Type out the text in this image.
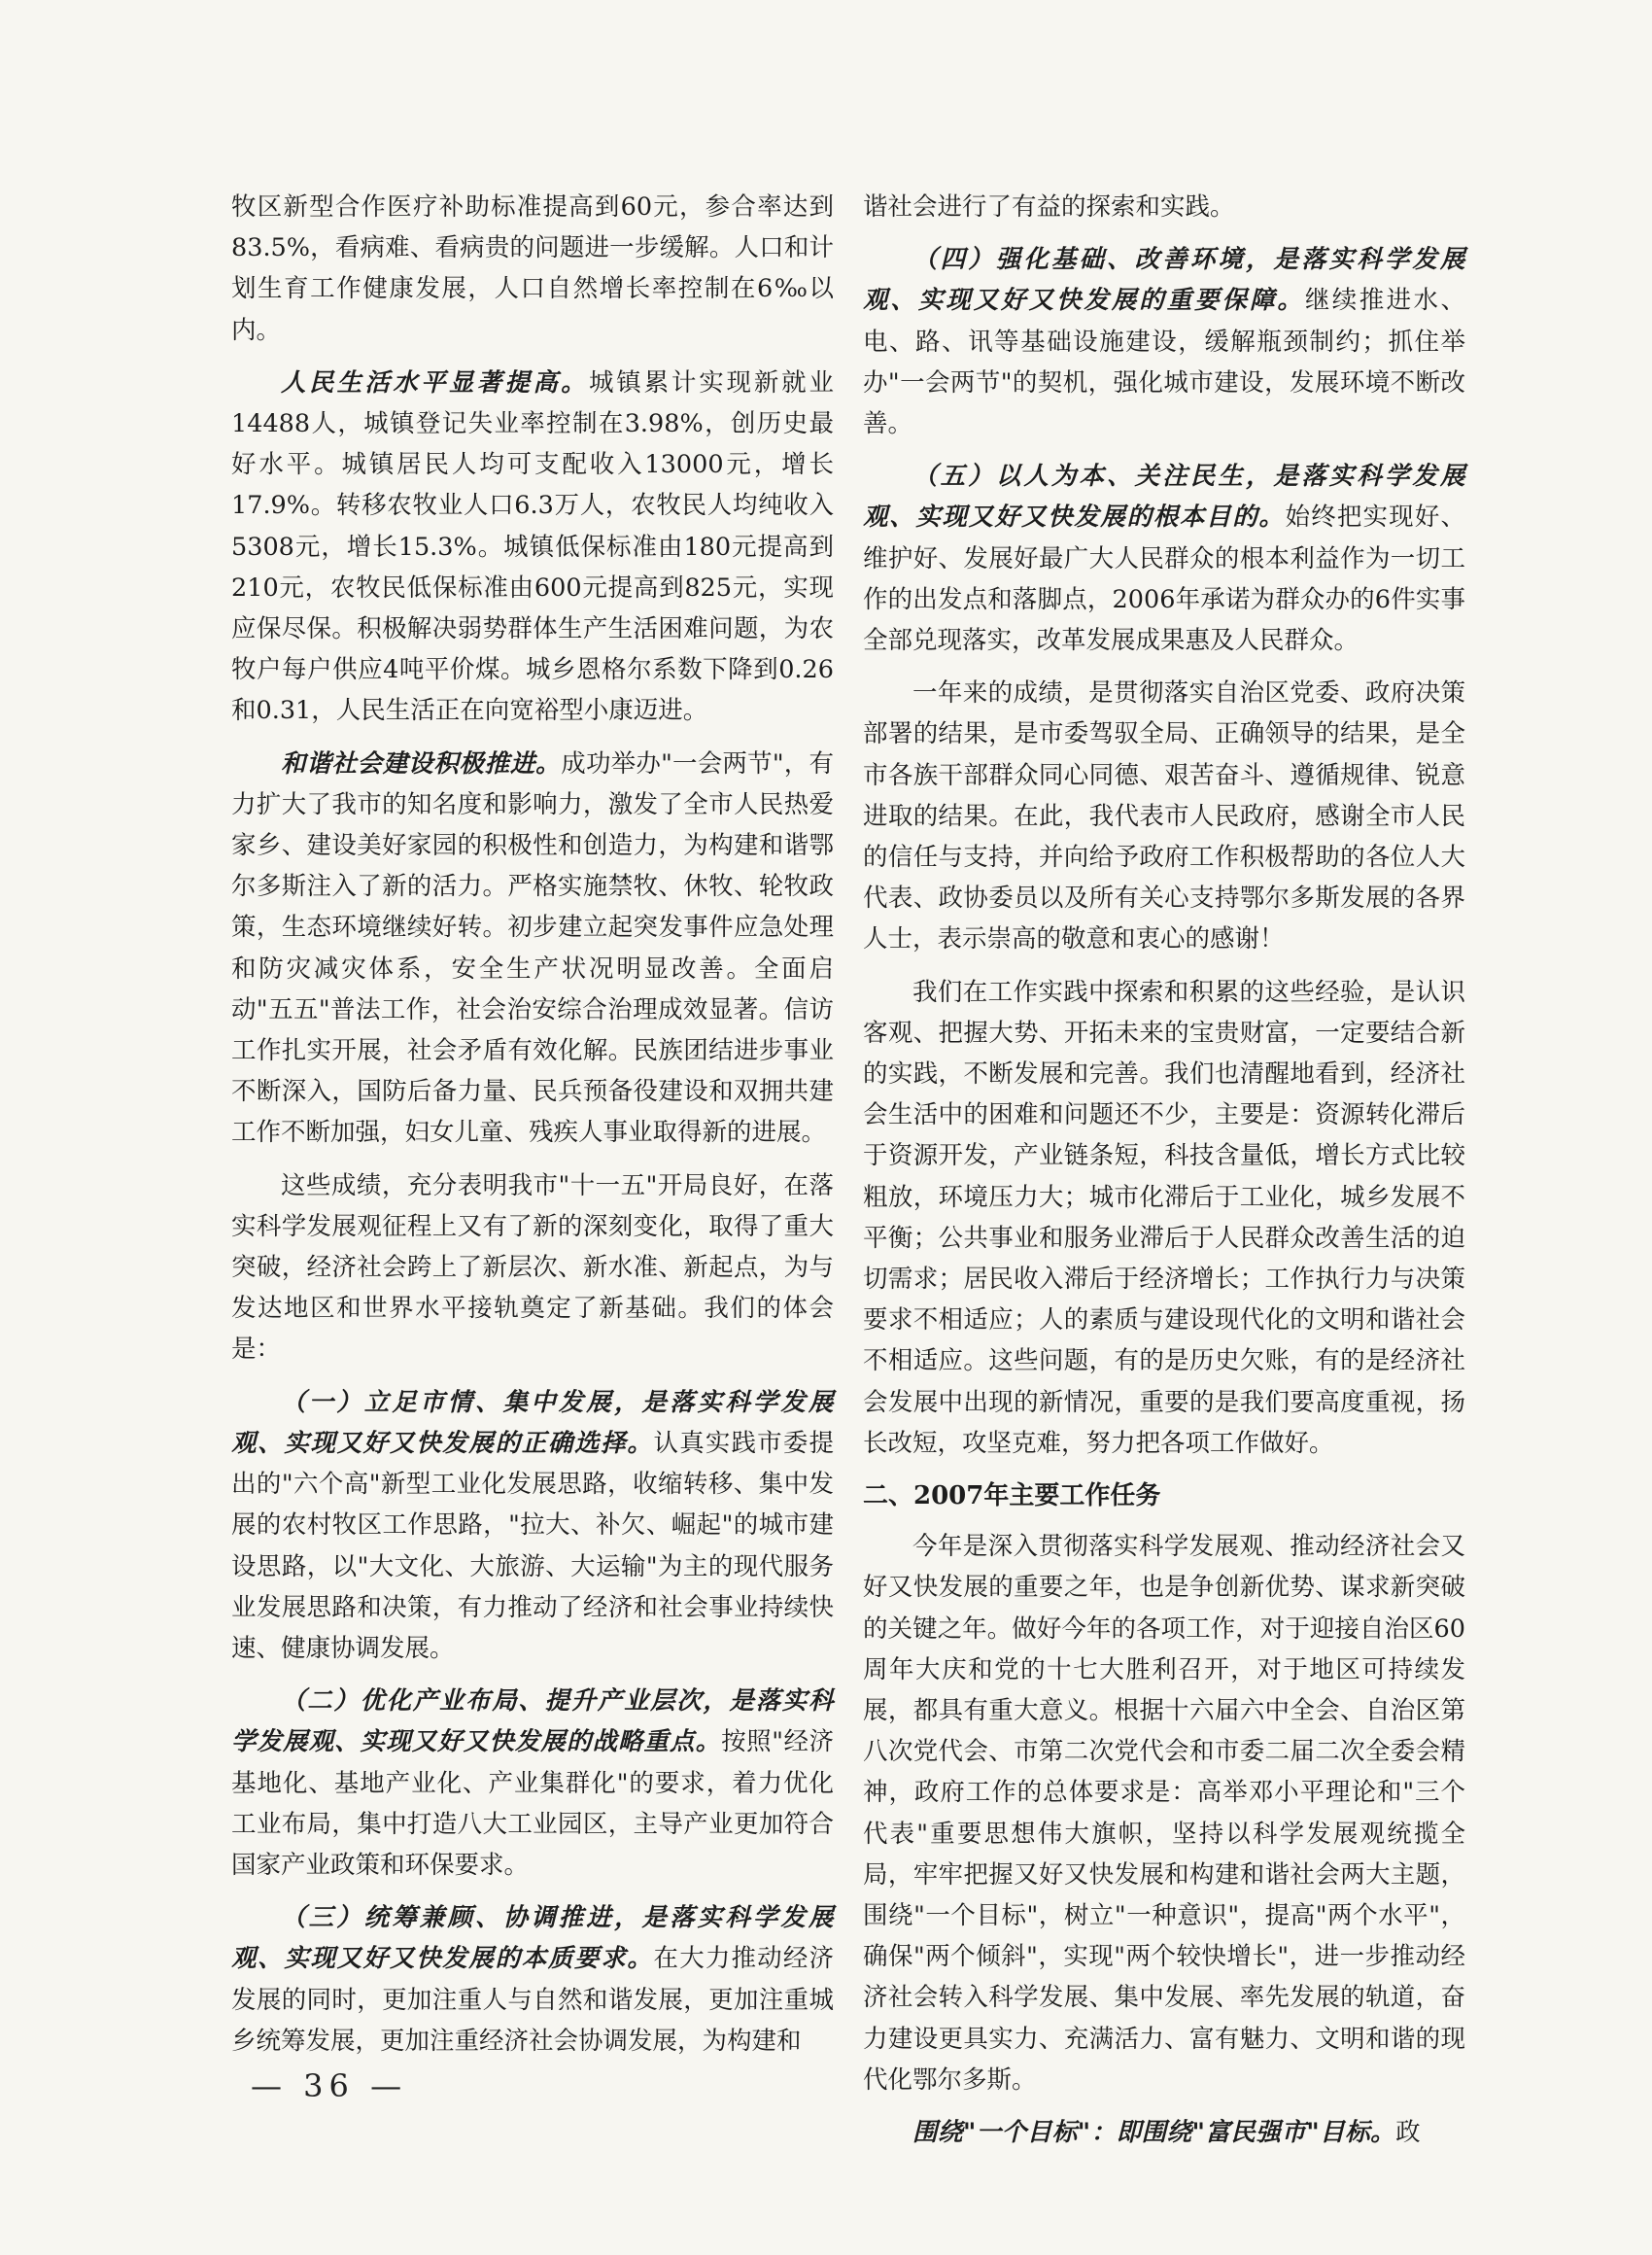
牧区新型合作医疗补助标准提高到60元，参合率达到83.5%，看病难、看病贵的问题进一步缓解。人口和计划生育工作健康发展，人口自然增长率控制在6‰以内。

人民生活水平显著提高。城镇累计实现新就业14488人，城镇登记失业率控制在3.98%，创历史最好水平。城镇居民人均可支配收入13000元，增长17.9%。转移农牧业人口6.3万人，农牧民人均纯收入5308元，增长15.3%。城镇低保标准由180元提高到210元，农牧民低保标准由600元提高到825元，实现应保尽保。积极解决弱势群体生产生活困难问题，为农牧户每户供应4吨平价煤。城乡恩格尔系数下降到0.26和0.31，人民生活正在向宽裕型小康迈进。

和谐社会建设积极推进。成功举办"一会两节"，有力扩大了我市的知名度和影响力，激发了全市人民热爱家乡、建设美好家园的积极性和创造力，为构建和谐鄂尔多斯注入了新的活力。严格实施禁牧、休牧、轮牧政策，生态环境继续好转。初步建立起突发事件应急处理和防灾减灾体系，安全生产状况明显改善。全面启动"五五"普法工作，社会治安综合治理成效显著。信访工作扎实开展，社会矛盾有效化解。民族团结进步事业不断深入，国防后备力量、民兵预备役建设和双拥共建工作不断加强，妇女儿童、残疾人事业取得新的进展。

这些成绩，充分表明我市"十一五"开局良好，在落实科学发展观征程上又有了新的深刻变化，取得了重大突破，经济社会跨上了新层次、新水准、新起点，为与发达地区和世界水平接轨奠定了新基础。我们的体会是：

（一）立足市情、集中发展，是落实科学发展观、实现又好又快发展的正确选择。认真实践市委提出的"六个高"新型工业化发展思路，收缩转移、集中发展的农村牧区工作思路，"拉大、补欠、崛起"的城市建设思路，以"大文化、大旅游、大运输"为主的现代服务业发展思路和决策，有力推动了经济和社会事业持续快速、健康协调发展。

（二）优化产业布局、提升产业层次，是落实科学发展观、实现又好又快发展的战略重点。按照"经济基地化、基地产业化、产业集群化"的要求，着力优化工业布局，集中打造八大工业园区，主导产业更加符合国家产业政策和环保要求。

（三）统筹兼顾、协调推进，是落实科学发展观、实现又好又快发展的本质要求。在大力推动经济发展的同时，更加注重人与自然和谐发展，更加注重城乡统筹发展，更加注重经济社会协调发展，为构建和

谐社会进行了有益的探索和实践。

（四）强化基础、改善环境，是落实科学发展观、实现又好又快发展的重要保障。继续推进水、电、路、讯等基础设施建设，缓解瓶颈制约；抓住举办"一会两节"的契机，强化城市建设，发展环境不断改善。

（五）以人为本、关注民生，是落实科学发展观、实现又好又快发展的根本目的。始终把实现好、维护好、发展好最广大人民群众的根本利益作为一切工作的出发点和落脚点，2006年承诺为群众办的6件实事全部兑现落实，改革发展成果惠及人民群众。

一年来的成绩，是贯彻落实自治区党委、政府决策部署的结果，是市委驾驭全局、正确领导的结果，是全市各族干部群众同心同德、艰苦奋斗、遵循规律、锐意进取的结果。在此，我代表市人民政府，感谢全市人民的信任与支持，并向给予政府工作积极帮助的各位人大代表、政协委员以及所有关心支持鄂尔多斯发展的各界人士，表示崇高的敬意和衷心的感谢！

我们在工作实践中探索和积累的这些经验，是认识客观、把握大势、开拓未来的宝贵财富，一定要结合新的实践，不断发展和完善。我们也清醒地看到，经济社会生活中的困难和问题还不少，主要是：资源转化滞后于资源开发，产业链条短，科技含量低，增长方式比较粗放，环境压力大；城市化滞后于工业化，城乡发展不平衡；公共事业和服务业滞后于人民群众改善生活的迫切需求；居民收入滞后于经济增长；工作执行力与决策要求不相适应；人的素质与建设现代化的文明和谐社会不相适应。这些问题，有的是历史欠账，有的是经济社会发展中出现的新情况，重要的是我们要高度重视，扬长改短，攻坚克难，努力把各项工作做好。

二、2007年主要工作任务

今年是深入贯彻落实科学发展观、推动经济社会又好又快发展的重要之年，也是争创新优势、谋求新突破的关键之年。做好今年的各项工作，对于迎接自治区60周年大庆和党的十七大胜利召开，对于地区可持续发展，都具有重大意义。根据十六届六中全会、自治区第八次党代会、市第二次党代会和市委二届二次全委会精神，政府工作的总体要求是：高举邓小平理论和"三个代表"重要思想伟大旗帜，坚持以科学发展观统揽全局，牢牢把握又好又快发展和构建和谐社会两大主题，围绕"一个目标"，树立"一种意识"，提高"两个水平"，确保"两个倾斜"，实现"两个较快增长"，进一步推动经济社会转入科学发展、集中发展、率先发展的轨道，奋力建设更具实力、充满活力、富有魅力、文明和谐的现代化鄂尔多斯。

围绕"一个目标"：即围绕"富民强市"目标。政

— 36 —
